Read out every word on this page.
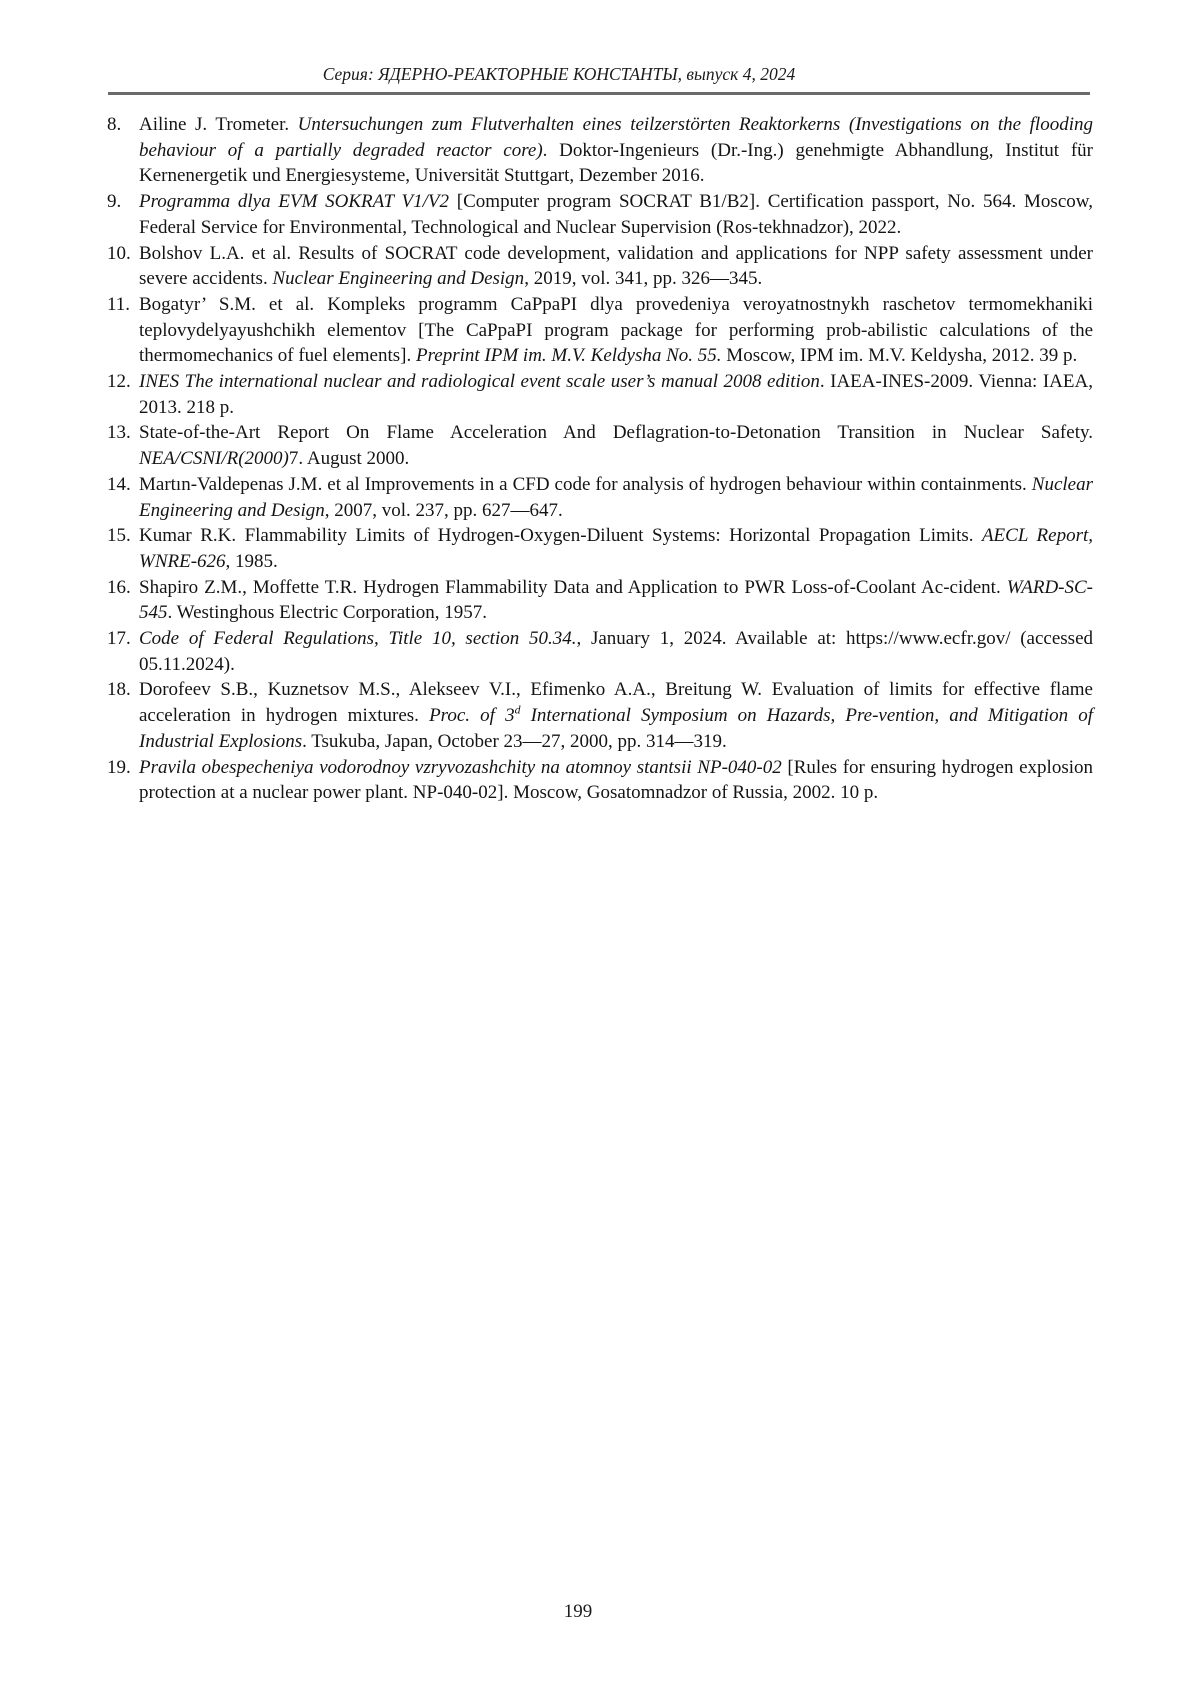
Серия: ЯДЕРНО-РЕАКТОРНЫЕ КОНСТАНТЫ, выпуск 4, 2024
8. Ailine J. Trometer. Untersuchungen zum Flutverhalten eines teilzerstörten Reaktorkerns (Investigations on the flooding behaviour of a partially degraded reactor core). Doktor-Ingenieurs (Dr.-Ing.) genehmigte Abhandlung, Institut für Kernenergetik und Energiesysteme, Universität Stuttgart, Dezember 2016.
9. Programma dlya EVM SOKRAT V1/V2 [Computer program SOCRAT B1/B2]. Certification passport, No. 564. Moscow, Federal Service for Environmental, Technological and Nuclear Supervision (Ros-tekhnadzor), 2022.
10. Bolshov L.A. et al. Results of SOCRAT code development, validation and applications for NPP safety assessment under severe accidents. Nuclear Engineering and Design, 2019, vol. 341, pp. 326—345.
11. Bogatyr’ S.M. et al. Kompleks programm CaPpaPI dlya provedeniya veroyatnostnykh raschetov termomekhaniki teplovydelyayushchikh elementov [The CaPpaPI program package for performing prob-abilistic calculations of the thermomechanics of fuel elements]. Preprint IPM im. M.V. Keldysha No. 55. Moscow, IPM im. M.V. Keldysha, 2012. 39 p.
12. INES The international nuclear and radiological event scale user’s manual 2008 edition. IAEA-INES-2009. Vienna: IAEA, 2013. 218 p.
13. State-of-the-Art Report On Flame Acceleration And Deflagration-to-Detonation Transition in Nuclear Safety. NEA/CSNI/R(2000)7. August 2000.
14. Martın-Valdepenas J.M. et al Improvements in a CFD code for analysis of hydrogen behaviour within containments. Nuclear Engineering and Design, 2007, vol. 237, pp. 627—647.
15. Kumar R.K. Flammability Limits of Hydrogen-Oxygen-Diluent Systems: Horizontal Propagation Limits. AECL Report, WNRE-626, 1985.
16. Shapiro Z.M., Moffette T.R. Hydrogen Flammability Data and Application to PWR Loss-of-Coolant Ac-cident. WARD-SC-545. Westinghous Electric Corporation, 1957.
17. Code of Federal Regulations, Title 10, section 50.34., January 1, 2024. Available at: https://www.ecfr.gov/ (accessed 05.11.2024).
18. Dorofeev S.B., Kuznetsov M.S., Alekseev V.I., Efimenko A.A., Breitung W. Evaluation of limits for effective flame acceleration in hydrogen mixtures. Proc. of 3$^d$ International Symposium on Hazards, Pre-vention, and Mitigation of Industrial Explosions. Tsukuba, Japan, October 23—27, 2000, pp. 314—319.
19. Pravila obespecheniya vodorodnoy vzryvozashchity na atomnoy stantsii NP-040-02 [Rules for ensuring hydrogen explosion protection at a nuclear power plant. NP-040-02]. Moscow, Gosatomnadzor of Russia, 2002. 10 p.
199
